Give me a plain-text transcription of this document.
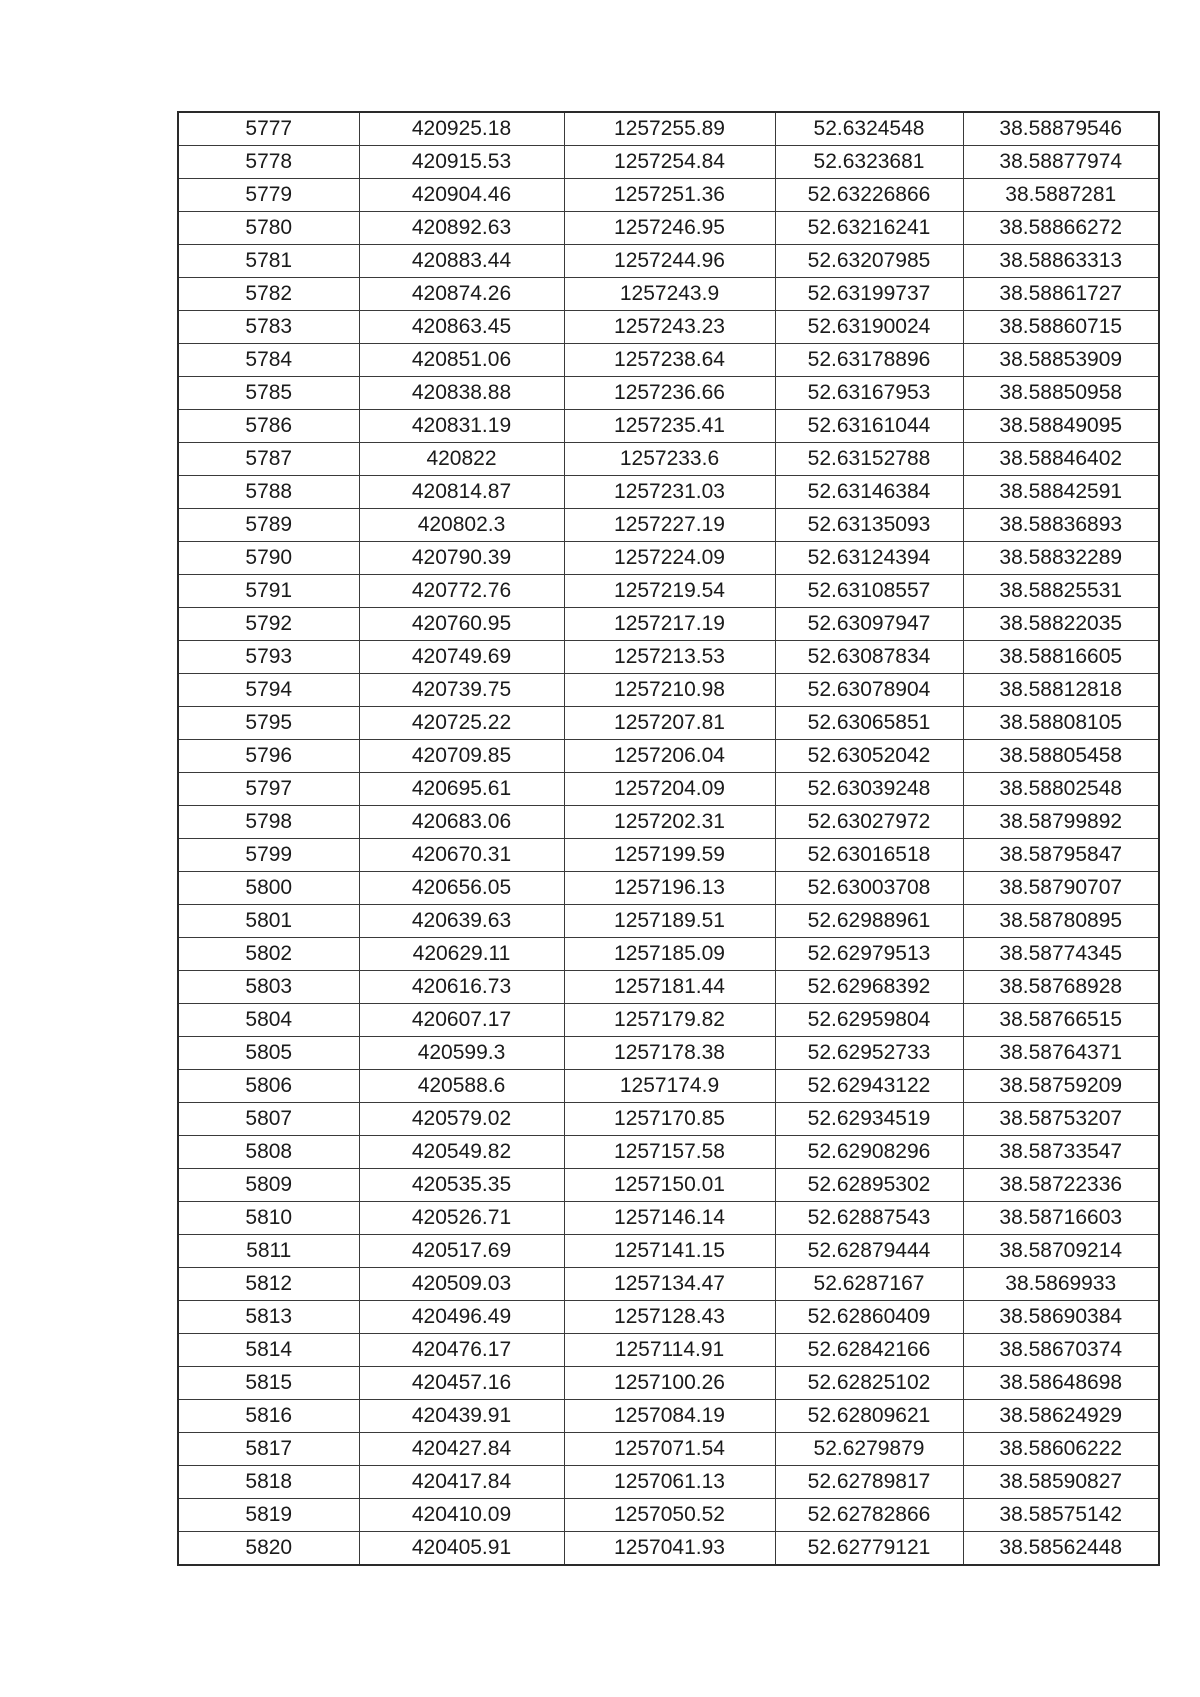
5777	420925.18	1257255.89	52.6324548	38.58879546
5778	420915.53	1257254.84	52.6323681	38.58877974
5779	420904.46	1257251.36	52.63226866	38.5887281
5780	420892.63	1257246.95	52.63216241	38.58866272
5781	420883.44	1257244.96	52.63207985	38.58863313
5782	420874.26	1257243.9	52.63199737	38.58861727
5783	420863.45	1257243.23	52.63190024	38.58860715
5784	420851.06	1257238.64	52.63178896	38.58853909
5785	420838.88	1257236.66	52.63167953	38.58850958
5786	420831.19	1257235.41	52.63161044	38.58849095
5787	420822	1257233.6	52.63152788	38.58846402
5788	420814.87	1257231.03	52.63146384	38.58842591
5789	420802.3	1257227.19	52.63135093	38.58836893
5790	420790.39	1257224.09	52.63124394	38.58832289
5791	420772.76	1257219.54	52.63108557	38.58825531
5792	420760.95	1257217.19	52.63097947	38.58822035
5793	420749.69	1257213.53	52.63087834	38.58816605
5794	420739.75	1257210.98	52.63078904	38.58812818
5795	420725.22	1257207.81	52.63065851	38.58808105
5796	420709.85	1257206.04	52.63052042	38.58805458
5797	420695.61	1257204.09	52.63039248	38.58802548
5798	420683.06	1257202.31	52.63027972	38.58799892
5799	420670.31	1257199.59	52.63016518	38.58795847
5800	420656.05	1257196.13	52.63003708	38.58790707
5801	420639.63	1257189.51	52.62988961	38.58780895
5802	420629.11	1257185.09	52.62979513	38.58774345
5803	420616.73	1257181.44	52.62968392	38.58768928
5804	420607.17	1257179.82	52.62959804	38.58766515
5805	420599.3	1257178.38	52.62952733	38.58764371
5806	420588.6	1257174.9	52.62943122	38.58759209
5807	420579.02	1257170.85	52.62934519	38.58753207
5808	420549.82	1257157.58	52.62908296	38.58733547
5809	420535.35	1257150.01	52.62895302	38.58722336
5810	420526.71	1257146.14	52.62887543	38.58716603
5811	420517.69	1257141.15	52.62879444	38.58709214
5812	420509.03	1257134.47	52.6287167	38.5869933
5813	420496.49	1257128.43	52.62860409	38.58690384
5814	420476.17	1257114.91	52.62842166	38.58670374
5815	420457.16	1257100.26	52.62825102	38.58648698
5816	420439.91	1257084.19	52.62809621	38.58624929
5817	420427.84	1257071.54	52.6279879	38.58606222
5818	420417.84	1257061.13	52.62789817	38.58590827
5819	420410.09	1257050.52	52.62782866	38.58575142
5820	420405.91	1257041.93	52.62779121	38.58562448
